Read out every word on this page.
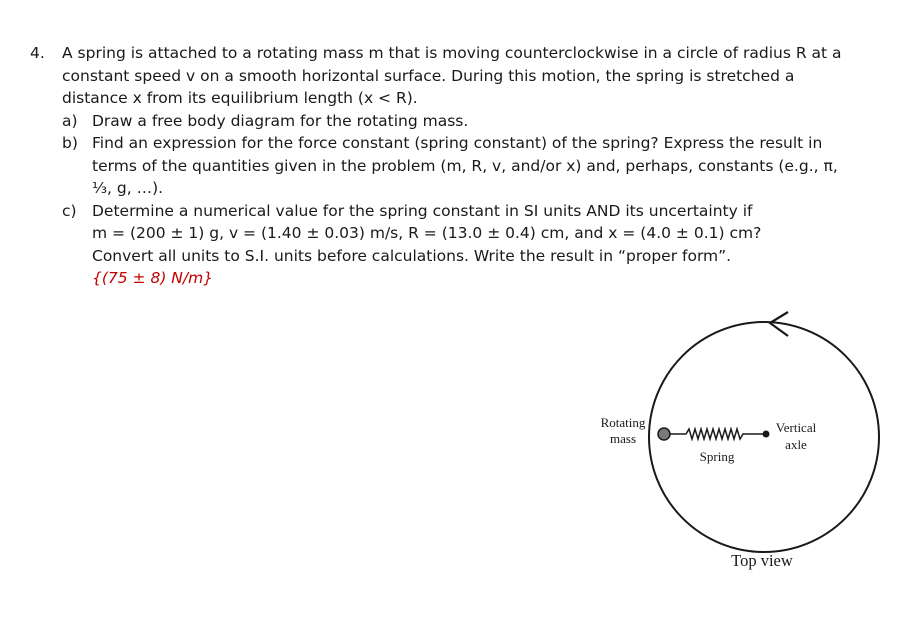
4.	A spring is attached to a rotating mass m that is moving counterclockwise in a circle of radius R at a
constant speed v on a smooth horizontal surface. During this motion, the spring is stretched a
distance x from its equilibrium length (x < R).
a) Draw a free body diagram for the rotating mass.
b) Find an expression for the force constant (spring constant) of the spring? Express the result in
terms of the quantities given in the problem (m, R, v, and/or x) and, perhaps, constants (e.g., π,
⅓, g, …).
c) Determine a numerical value for the spring constant in SI units AND its uncertainty if
m = (200 ± 1) g, v = (1.40 ± 0.03) m/s, R = (13.0 ± 0.4) cm, and x = (4.0 ± 0.1) cm?
Convert all units to S.I. units before calculations. Write the result in “proper form”.
{(75 ± 8) N/m}
Rotating
mass
Spring
Vertical
axle
Top view
